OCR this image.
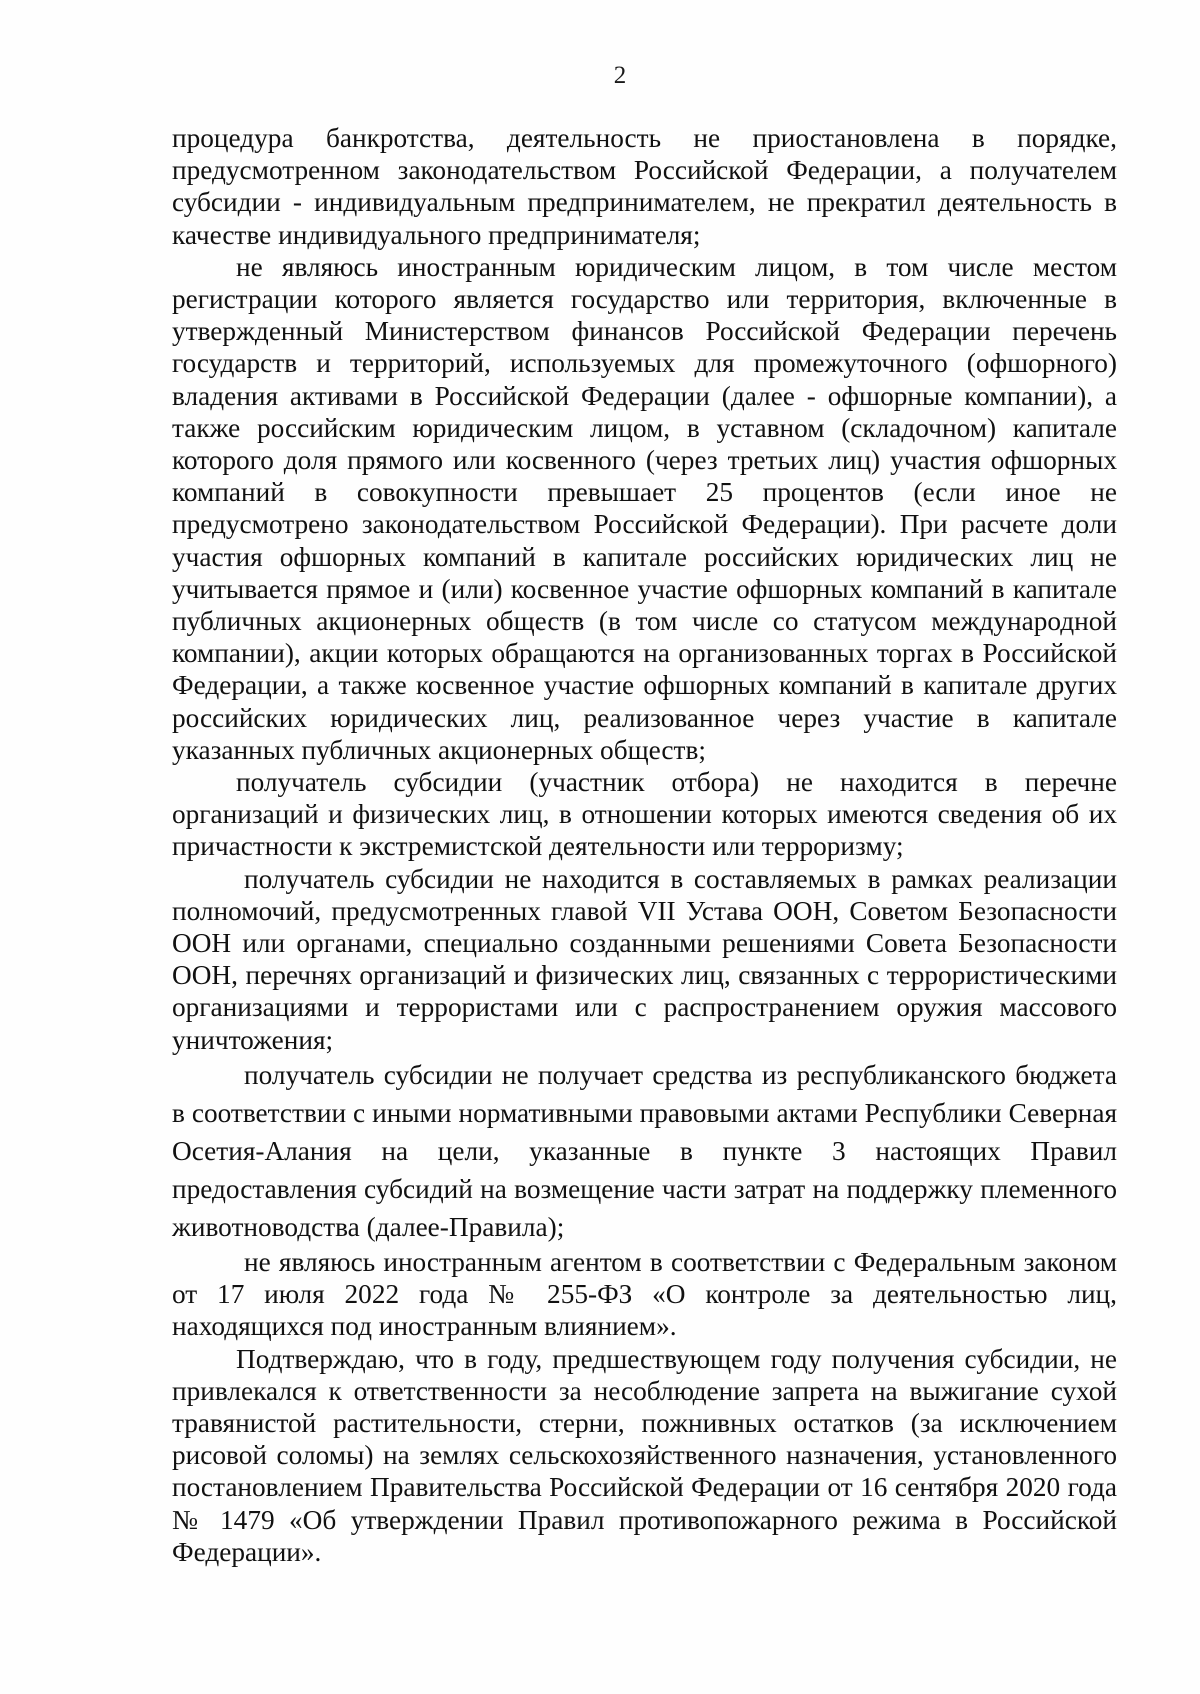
2

процедура банкротства, деятельность не приостановлена в порядке, предусмотренном законодательством Российской Федерации, а получателем субсидии - индивидуальным предпринимателем, не прекратил деятельность в качестве индивидуального предпринимателя;

не являюсь иностранным юридическим лицом, в том числе местом регистрации которого является государство или территория, включенные в утвержденный Министерством финансов Российской Федерации перечень государств и территорий, используемых для промежуточного (офшорного) владения активами в Российской Федерации (далее - офшорные компании), а также российским юридическим лицом, в уставном (складочном) капитале которого доля прямого или косвенного (через третьих лиц) участия офшорных компаний в совокупности превышает 25 процентов (если иное не предусмотрено законодательством Российской Федерации). При расчете доли участия офшорных компаний в капитале российских юридических лиц не учитывается прямое и (или) косвенное участие офшорных компаний в капитале публичных акционерных обществ (в том числе со статусом международной компании), акции которых обращаются на организованных торгах в Российской Федерации, а также косвенное участие офшорных компаний в капитале других российских юридических лиц, реализованное через участие в капитале указанных публичных акционерных обществ;

получатель субсидии (участник отбора) не находится в перечне организаций и физических лиц, в отношении которых имеются сведения об их причастности к экстремистской деятельности или терроризму;

получатель субсидии не находится в составляемых в рамках реализации полномочий, предусмотренных главой VII Устава ООН, Советом Безопасности ООН или органами, специально созданными решениями Совета Безопасности ООН, перечнях организаций и физических лиц, связанных с террористическими организациями и террористами или с распространением оружия массового уничтожения;

получатель субсидии не получает средства из республиканского бюджета в соответствии с иными нормативными правовыми актами Республики Северная Осетия-Алания на цели, указанные в пункте 3 настоящих Правил предоставления субсидий на возмещение части затрат на поддержку племенного животноводства (далее-Правила);

не являюсь иностранным агентом в соответствии с Федеральным законом от 17 июля 2022 года № 255-ФЗ «О контроле за деятельностью лиц, находящихся под иностранным влиянием».

Подтверждаю, что в году, предшествующем году получения субсидии, не привлекался к ответственности за несоблюдение запрета на выжигание сухой травянистой растительности, стерни, пожнивных остатков (за исключением рисовой соломы) на землях сельскохозяйственного назначения, установленного постановлением Правительства Российской Федерации от 16 сентября 2020 года № 1479 «Об утверждении Правил противопожарного режима в Российской Федерации».
